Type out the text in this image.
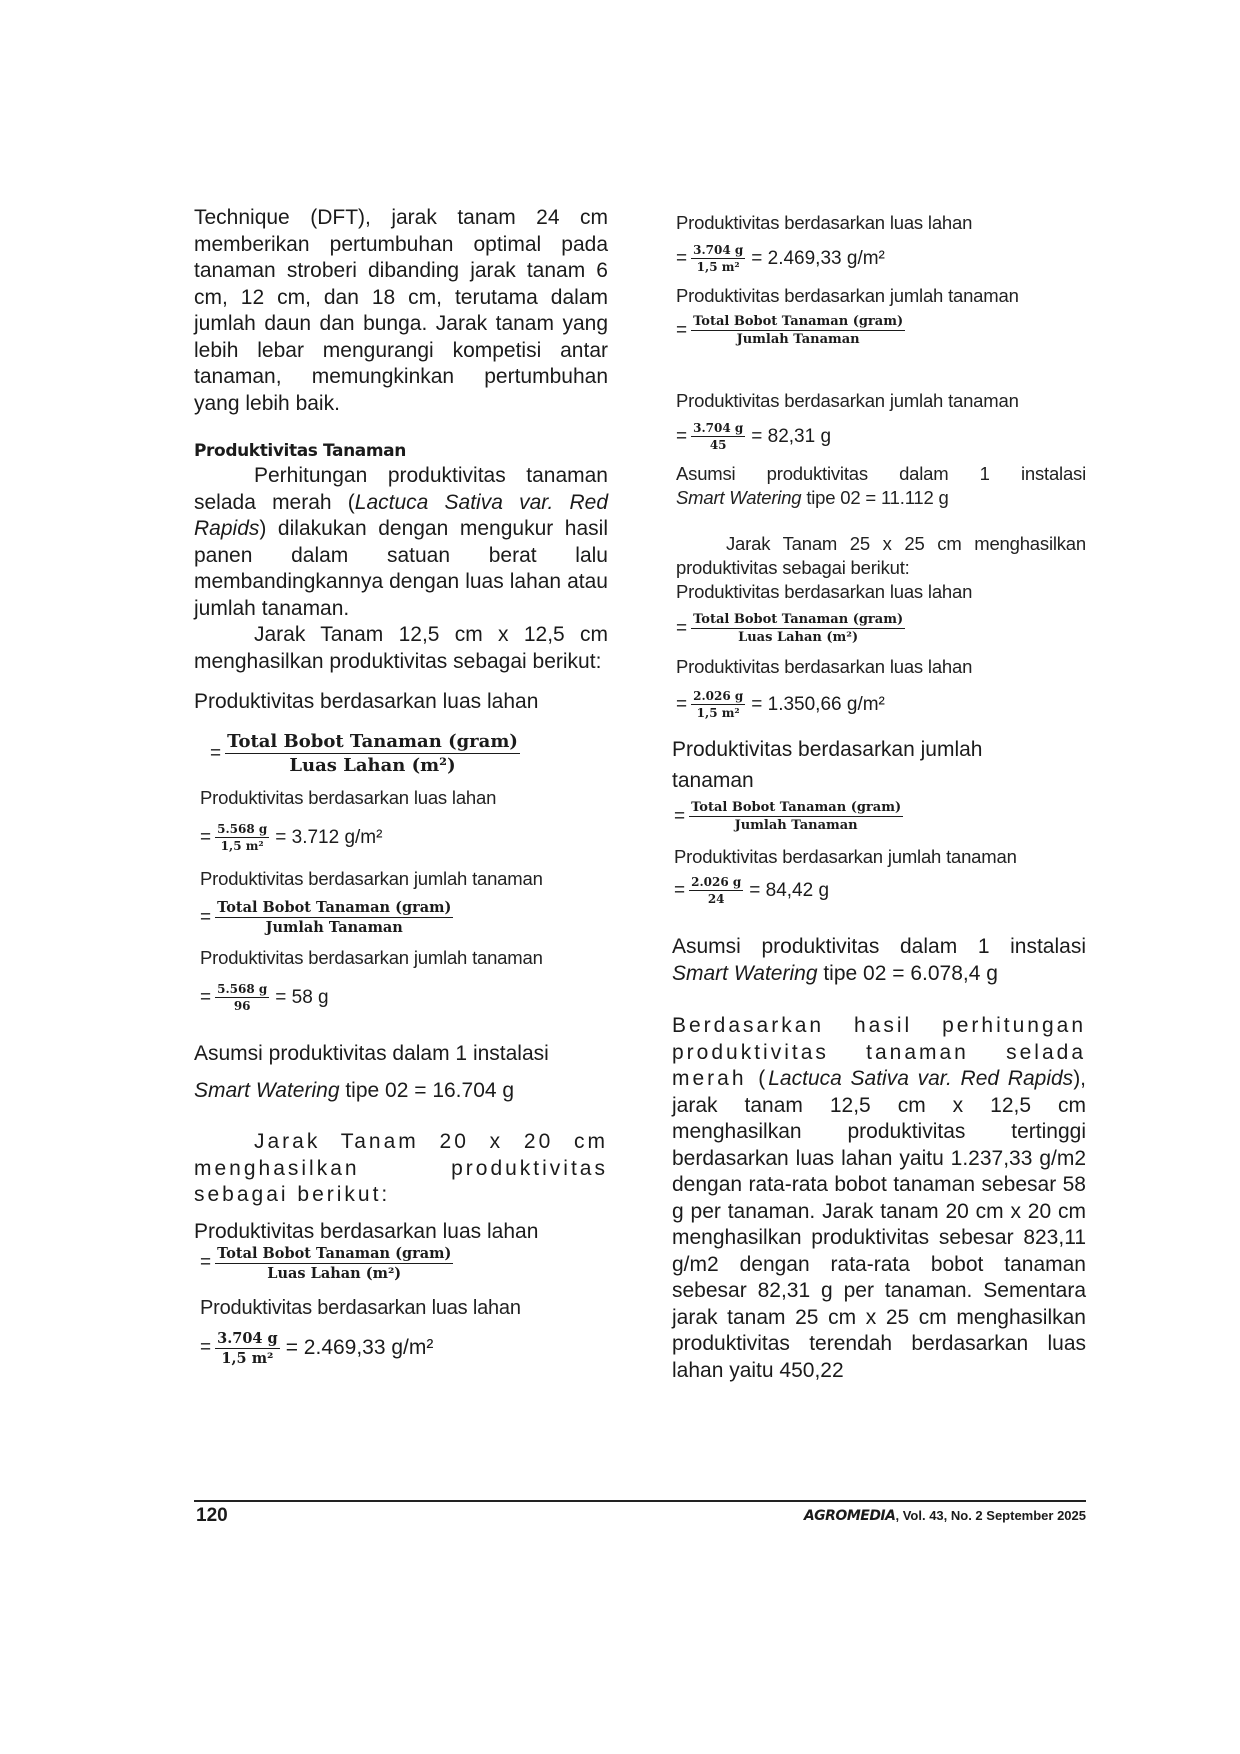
Technique (DFT), jarak tanam 24 cm memberikan pertumbuhan optimal pada tanaman stroberi dibanding jarak tanam 6 cm, 12 cm, dan 18 cm, terutama dalam jumlah daun dan bunga. Jarak tanam yang lebih lebar mengurangi kompetisi antar tanaman, memungkinkan pertumbuhan yang lebih baik.

Produktivitas Tanaman

Perhitungan produktivitas tanaman selada merah (Lactuca Sativa var. Red Rapids) dilakukan dengan mengukur hasil panen dalam satuan berat lalu membandingkannya dengan luas lahan atau jumlah tanaman.

Jarak Tanam 12,5 cm x 12,5 cm menghasilkan produktivitas sebagai berikut:

Produktivitas berdasarkan luas lahan

= $\frac{\text{Total Bobot Tanaman (gram)}}{\text{Luas Lahan (m²)}}$

Produktivitas berdasarkan luas lahan

= $\frac{5.568 g}{\text{1,5 m²}} = 3.712$ g/m²

Produktivitas berdasarkan jumlah tanaman

= $\frac{\text{Total Bobot Tanaman (gram)}}{\text{Jumlah Tanaman}}$

Produktivitas berdasarkan jumlah tanaman

= $\frac{5.568 g}{96} = 58$ g

Asumsi produktivitas dalam 1 instalasi

Smart Watering tipe 02 = 16.704 g

Jarak Tanam 20 x 20 cm menghasilkan produktivitas sebagai berikut:

Produktivitas berdasarkan luas lahan

= $\frac{\text{Total Bobot Tanaman (gram)}}{\text{Luas Lahan (m²)}}$

Produktivitas berdasarkan luas lahan

= $\frac{3.704 g}{\text{1,5 m²}} = 2.469,33$ g/m²

Produktivitas berdasarkan luas lahan

= $\frac{3.704 g}{\text{1,5 m²}} = 2.469,33$ g/m²

Produktivitas berdasarkan jumlah tanaman

= $\frac{\text{Total Bobot Tanaman (gram)}}{\text{Jumlah Tanaman}}$

Produktivitas berdasarkan jumlah tanaman

= $\frac{3.704 g}{45} = 82,31$ g

Asumsi produktivitas dalam 1 instalasi

Smart Watering tipe 02 = 11.112 g

Jarak Tanam 25 x 25 cm menghasilkan produktivitas sebagai berikut:

Produktivitas berdasarkan luas lahan

= $\frac{\text{Total Bobot Tanaman (gram)}}{\text{Luas Lahan (m²)}}$

Produktivitas berdasarkan luas lahan

= $\frac{2.026 g}{\text{1,5 m²}} = 1.350,66$ g/m²

Produktivitas berdasarkan jumlah tanaman

= $\frac{\text{Total Bobot Tanaman (gram)}}{\text{Jumlah Tanaman}}$

Produktivitas berdasarkan jumlah tanaman

= $\frac{2.026 g}{24} = 84,42$ g

Asumsi produktivitas dalam 1 instalasi Smart Watering tipe 02 = 6.078,4 g

Berdasarkan hasil perhitungan produktivitas tanaman selada merah (Lactuca Sativa var. Red Rapids), jarak tanam 12,5 cm x 12,5 cm menghasilkan produktivitas tertinggi berdasarkan luas lahan yaitu 1.237,33 g/m2 dengan rata-rata bobot tanaman sebesar 58 g per tanaman. Jarak tanam 20 cm x 20 cm menghasilkan produktivitas sebesar 823,11 g/m2 dengan rata-rata bobot tanaman sebesar 82,31 g per tanaman. Sementara jarak tanam 25 cm x 25 cm menghasilkan produktivitas terendah berdasarkan luas lahan yaitu 450,22

120	AGROMEDIA, Vol. 43, No. 2 September 2025
